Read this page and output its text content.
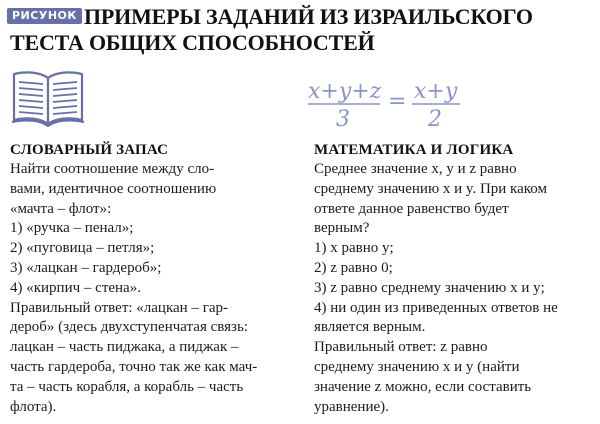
РИСУНОК ПРИМЕРЫ ЗАДАНИЙ ИЗ ИЗРАИЛЬСКОГО
ТЕСТА ОБЩИХ СПОСОБНОСТЕЙ
x+y+z
3
= x+y
2
СЛОВАРНЫЙ ЗАПАС
Найти соотношение между сло-
вами, идентичное соотношению
«мачта – флот»:
1) «ручка – пенал»;
2) «пуговица – петля»;
3) «лацкан – гардероб»;
4) «кирпич – стена».
Правильный ответ: «лацкан – гар-
дероб» (здесь двухступенчатая связь:
лацкан – часть пиджака, а пиджак –
часть гардероба, точно так же как мач-
та – часть корабля, а корабль – часть
флота).
МАТЕМАТИКА И ЛОГИКА
Среднее значение x, y и z равно
среднему значению x и y. При каком
ответе данное равенство будет
верным?
1) x равно y;
2) z равно 0;
3) z равно среднему значению x и y;
4) ни один из приведенных ответов не
является верным.
Правильный ответ: z равно
среднему значению x и y (найти
значение z можно, если составить
уравнение).
